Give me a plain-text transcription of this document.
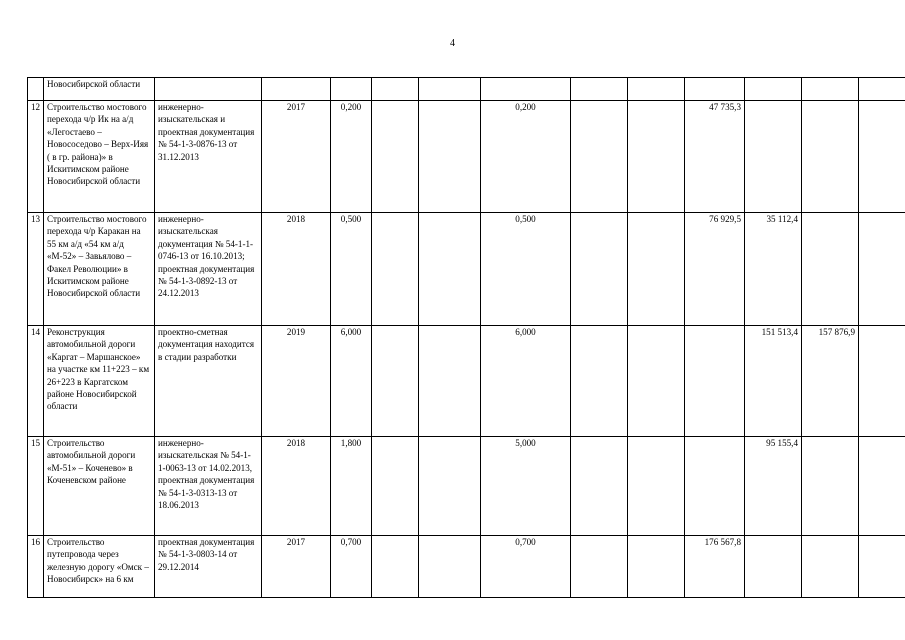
4
	Новосибирской области												
12	Строительство мостового перехода ч/р Ик на а/д «Легостаево – Новососедово – Верх-Ияя ( в гр. района)» в Искитимском районе Новосибирской области	инженерно-изыскательская и проектная документация № 54-1-3-0876-13 от 31.12.2013	2017	0,200			0,200			47 735,3			
13	Строительство мостового перехода ч/р Каракан на 55 км а/д «54 км а/д «М-52» – Завьялово – Факел Революции» в Искитимском районе Новосибирской области	инженерно-изыскательская документация № 54-1-1-0746-13 от 16.10.2013; проектная документация № 54-1-3-0892-13 от 24.12.2013	2018	0,500			0,500			76 929,5	35 112,4		
14	Реконструкция автомобильной дороги «Каргат – Маршанское» на участке км 11+223 – км 26+223 в Каргатском районе Новосибирской области	проектно-сметная документация находится в стадии разработки	2019	6,000			6,000				151 513,4	157 876,9	
15	Строительство автомобильной дороги «М-51» – Коченево» в Коченевском районе	инженерно-изыскательская № 54-1-1-0063-13 от 14.02.2013, проектная документация № 54-1-3-0313-13 от 18.06.2013	2018	1,800			5,000				95 155,4		
16	Строительство путепровода через железную дорогу «Омск – Новосибирск» на 6 км	проектная документация № 54-1-3-0803-14 от 29.12.2014	2017	0,700			0,700			176 567,8			
